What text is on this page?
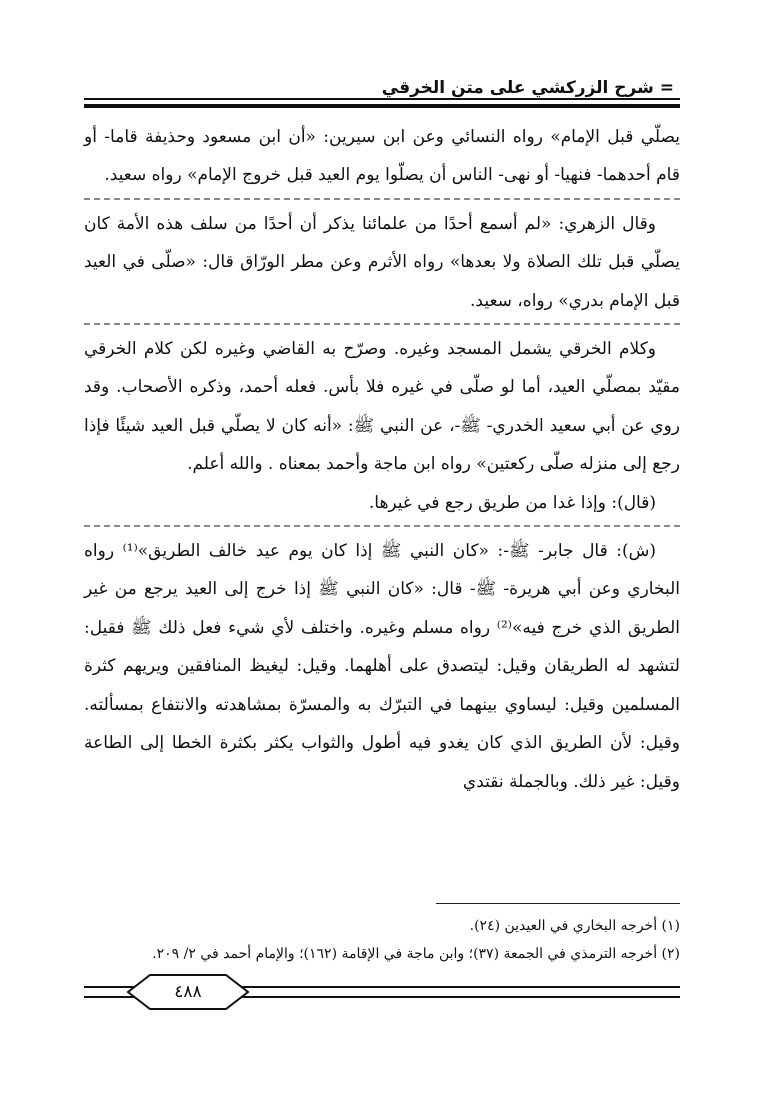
= شرح الزركشي على متن الخرقي

يصلّي قبل الإمام» رواه النسائي وعن ابن سيرين: «أن ابن مسعود وحذيفة قاما- أو قام أحدهما- فنهيا- أو نهى- الناس أن يصلّوا يوم العيد قبل خروج الإمام» رواه سعيد.

وقال الزهري: «لم أسمع أحدًا من علمائنا يذكر أن أحدًا من سلف هذه الأمة كان يصلّي قبل تلك الصلاة ولا بعدها» رواه الأثرم وعن مطر الورّاق قال: «صلّى في العيد قبل الإمام بدري» رواه، سعيد.

وكلام الخرقي يشمل المسجد وغيره. وصرّح به القاضي وغيره لكن كلام الخرقي مقيّد بمصلّي العيد، أما لو صلّى في غيره فلا بأس. فعله أحمد، وذكره الأصحاب. وقد روي عن أبي سعيد الخدري- ﷺ-، عن النبي ﷺ: «أنه كان لا يصلّي قبل العيد شيئًا فإذا رجع إلى منزله صلّى ركعتين» رواه ابن ماجة وأحمد بمعناه . والله أعلم.

(قال): وإذا غدا من طريق رجع في غيرها.

(ش): قال جابر- ﷺ-: «كان النبي ﷺ إذا كان يوم عيد خالف الطريق»⁽¹⁾ رواه البخاري وعن أبي هريرة- ﷺ- قال: «كان النبي ﷺ إذا خرج إلى العيد يرجع من غير الطريق الذي خرج فيه»⁽²⁾ رواه مسلم وغيره. واختلف لأي شيء فعل ذلك ﷺ فقيل: لتشهد له الطريقان وقيل: ليتصدق على أهلهما. وقيل: ليغيظ المنافقين ويريهم كثرة المسلمين وقيل: ليساوي بينهما في التبرّك به والمسرّة بمشاهدته والانتفاع بمسألته. وقيل: لأن الطريق الذي كان يغدو فيه أطول والثواب يكثر بكثرة الخطا إلى الطاعة وقيل: غير ذلك. وبالجملة نقتدي

(١) أخرجه البخاري في العيدين (٢٤).
(٢) أخرجه الترمذي في الجمعة (٣٧)؛ وابن ماجة في الإقامة (١٦٢)؛ والإمام أحمد في ٢/ ٢٠٩.
٤٨٨
